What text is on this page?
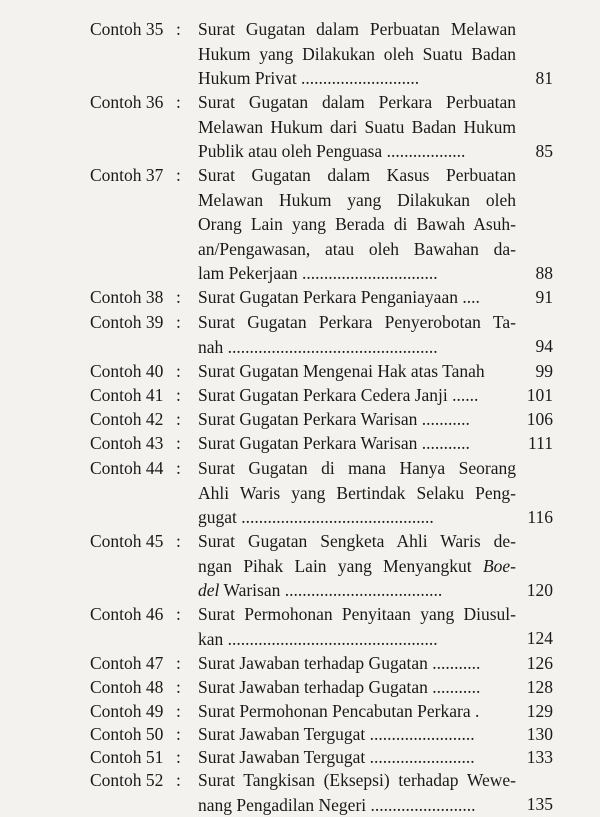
Contoh 35 : Surat Gugatan dalam Perbuatan Melawan
Hukum yang Dilakukan oleh Suatu Badan
Hukum Privat ...........................	81
Contoh 36 : Surat Gugatan dalam Perkara Perbuatan
Melawan Hukum dari Suatu Badan Hukum
Publik atau oleh Penguasa ..................	85
Contoh 37 : Surat Gugatan dalam Kasus Perbuatan
Melawan Hukum yang Dilakukan oleh
Orang Lain yang Berada di Bawah Asuh-
an/Pengawasan, atau oleh Bawahan da-
lam Pekerjaan ...............................	88
Contoh 38 : Surat Gugatan Perkara Penganiayaan ....	91
Contoh 39 : Surat Gugatan Perkara Penyerobotan Ta-
nah ................................................	94
Contoh 40 : Surat Gugatan Mengenai Hak atas Tanah	99
Contoh 41 : Surat Gugatan Perkara Cedera Janji ......	101
Contoh 42 : Surat Gugatan Perkara Warisan ...........	106
Contoh 43 : Surat Gugatan Perkara Warisan ...........	111
Contoh 44 : Surat Gugatan di mana Hanya Seorang
Ahli Waris yang Bertindak Selaku Peng-
gugat ............................................	116
Contoh 45 : Surat Gugatan Sengketa Ahli Waris de-
ngan Pihak Lain yang Menyangkut Boe-
del Warisan ....................................	120
Contoh 46 : Surat Permohonan Penyitaan yang Diusul-
kan ................................................	124
Contoh 47 : Surat Jawaban terhadap Gugatan ...........	126
Contoh 48 : Surat Jawaban terhadap Gugatan ...........	128
Contoh 49 : Surat Permohonan Pencabutan Perkara .	129
Contoh 50 : Surat Jawaban Tergugat ........................	130
Contoh 51 : Surat Jawaban Tergugat ........................	133
Contoh 52 : Surat Tangkisan (Eksepsi) terhadap Wewe-
nang Pengadilan Negeri ........................	135
